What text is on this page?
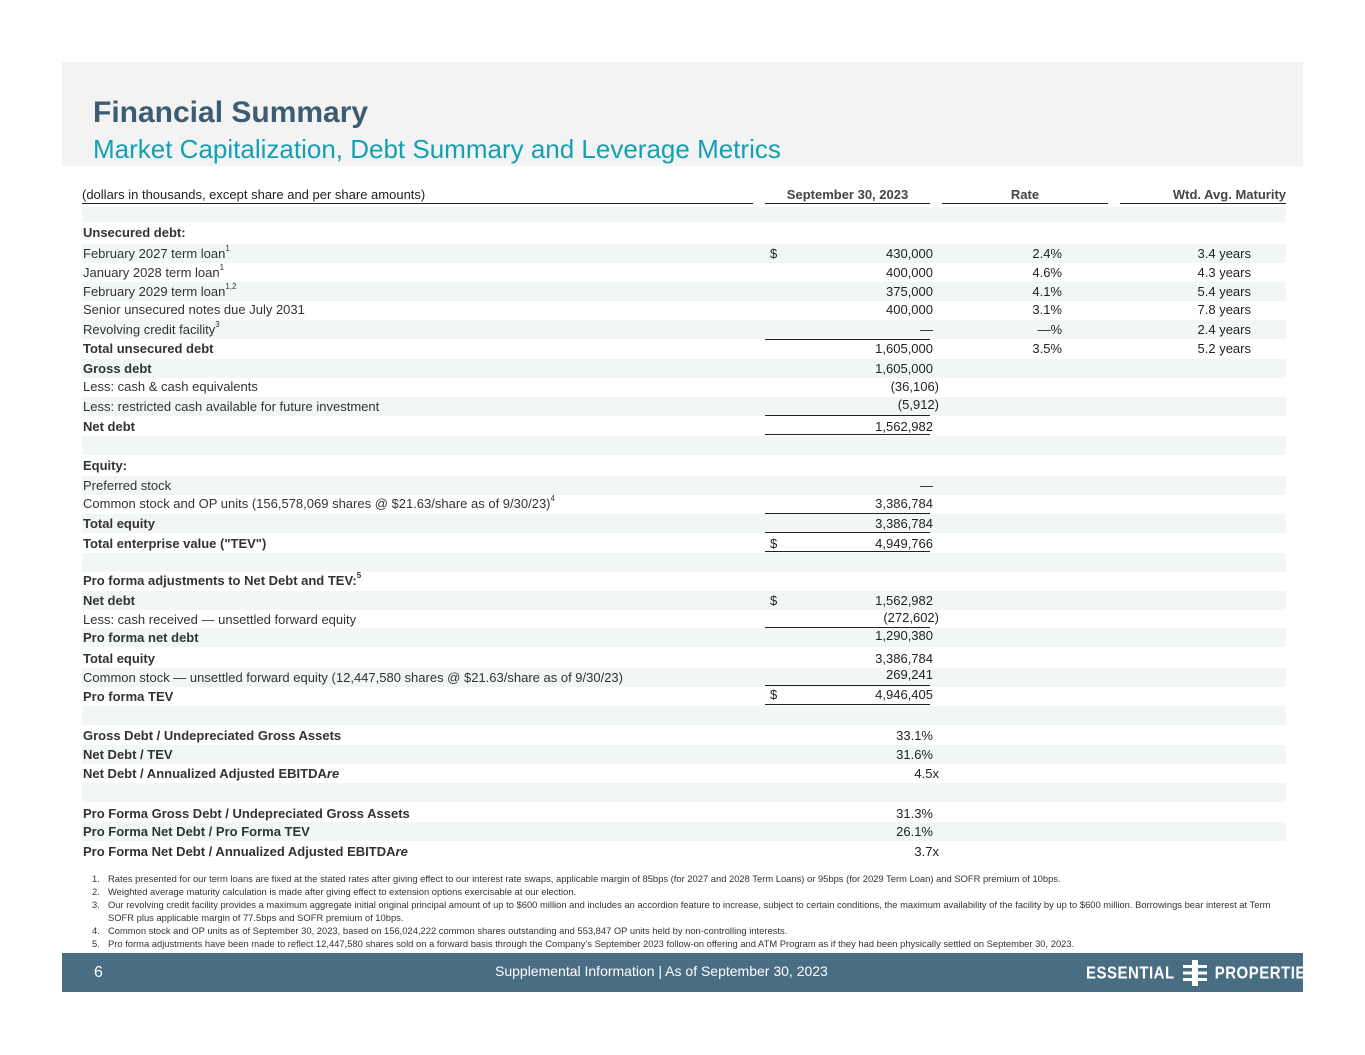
Financial Summary
Market Capitalization, Debt Summary and Leverage Metrics
(dollars in thousands, except share and per share amounts)	September 30, 2023	Rate	Wtd. Avg. Maturity
Unsecured debt:
February 2027 term loan$^1$	$	430,000	2.4%	3.4 years
January 2028 term loan$^1$	400,000	4.6%	4.3 years
February 2029 term loan$^{1,2}$	375,000	4.1%	5.4 years
Senior unsecured notes due July 2031	400,000	3.1%	7.8 years
Revolving credit facility$^3$	—	—%	2.4 years
Total unsecured debt	1,605,000	3.5%	5.2 years
Gross debt	1,605,000
Less: cash & cash equivalents	(36,106)
Less: restricted cash available for future investment	(5,912)
Net debt	1,562,982
Equity:
Preferred stock	—
Common stock and OP units (156,578,069 shares @ $21.63/share as of 9/30/23)$^4$	3,386,784
Total equity	3,386,784
Total enterprise value ("TEV")	$	4,949,766
Pro forma adjustments to Net Debt and TEV:$^5$
Net debt	$	1,562,982
Less: cash received — unsettled forward equity	(272,602)
Pro forma net debt	1,290,380
Total equity	3,386,784
Common stock — unsettled forward equity (12,447,580 shares @ $21.63/share as of 9/30/23)	269,241
Pro forma TEV	$	4,946,405
Gross Debt / Undepreciated Gross Assets	33.1%
Net Debt / TEV	31.6%
Net Debt / Annualized Adjusted EBITDAre	4.5x
Pro Forma Gross Debt / Undepreciated Gross Assets	31.3%
Pro Forma Net Debt / Pro Forma TEV	26.1%
Pro Forma Net Debt / Annualized Adjusted EBITDAre	3.7x
1. Rates presented for our term loans are fixed at the stated rates after giving effect to our interest rate swaps, applicable margin of 85bps (for 2027 and 2028 Term Loans) or 95bps (for 2029 Term Loan) and SOFR premium of 10bps.
2. Weighted average maturity calculation is made after giving effect to extension options exercisable at our election.
3. Our revolving credit facility provides a maximum aggregate initial original principal amount of up to $600 million and includes an accordion feature to increase, subject to certain conditions, the maximum availability of the facility by up to $600 million. Borrowings bear interest at Term SOFR plus applicable margin of 77.5bps and SOFR premium of 10bps.
4. Common stock and OP units as of September 30, 2023, based on 156,024,222 common shares outstanding and 553,847 OP units held by non-controlling interests.
5. Pro forma adjustments have been made to reflect 12,447,580 shares sold on a forward basis through the Company’s September 2023 follow-on offering and ATM Program as if they had been physically settled on September 30, 2023.
6	Supplemental Information | As of September 30, 2023	ESSENTIAL	PROPERTIES
